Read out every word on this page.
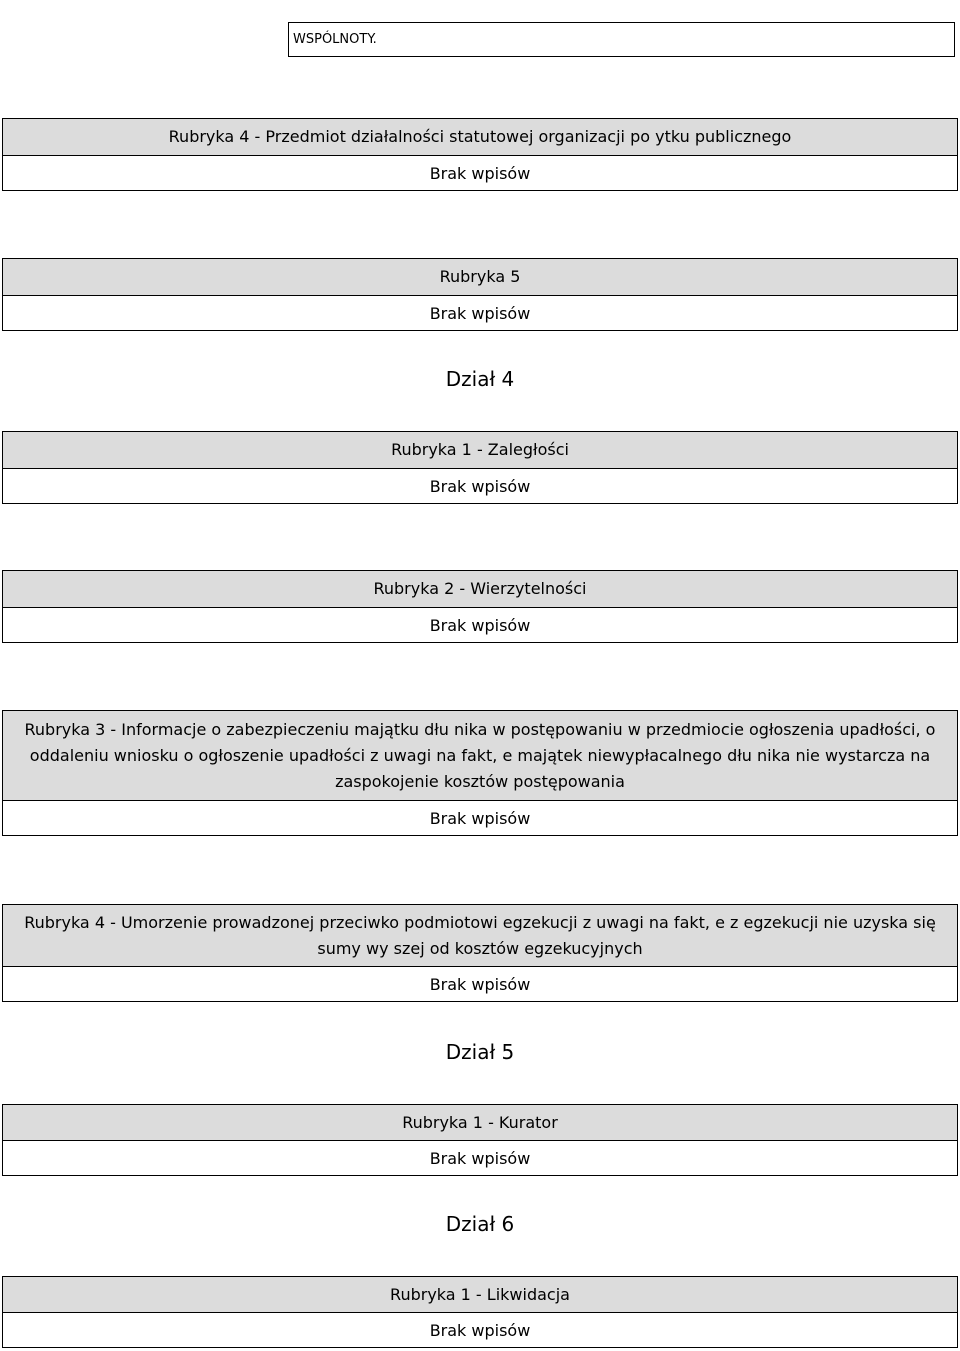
WSPÓLNOTY.
Rubryka 4 - Przedmiot działalności statutowej organizacji po ytku publicznego
Brak wpisów
Rubryka 5
Brak wpisów
Dział 4
Rubryka 1 - Zaległości
Brak wpisów
Rubryka 2 - Wierzytelności
Brak wpisów
Rubryka 3 - Informacje o zabezpieczeniu majątku dłu nika w postępowaniu w przedmiocie ogłoszenia upadłości, o oddaleniu wniosku o ogłoszenie upadłości z uwagi na fakt, e majątek niewypłacalnego dłu nika nie wystarcza na zaspokojenie kosztów postępowania
Brak wpisów
Rubryka 4 - Umorzenie prowadzonej przeciwko podmiotowi egzekucji z uwagi na fakt, e z egzekucji nie uzyska się sumy wy szej od kosztów egzekucyjnych
Brak wpisów
Dział 5
Rubryka 1 - Kurator
Brak wpisów
Dział 6
Rubryka 1 - Likwidacja
Brak wpisów
